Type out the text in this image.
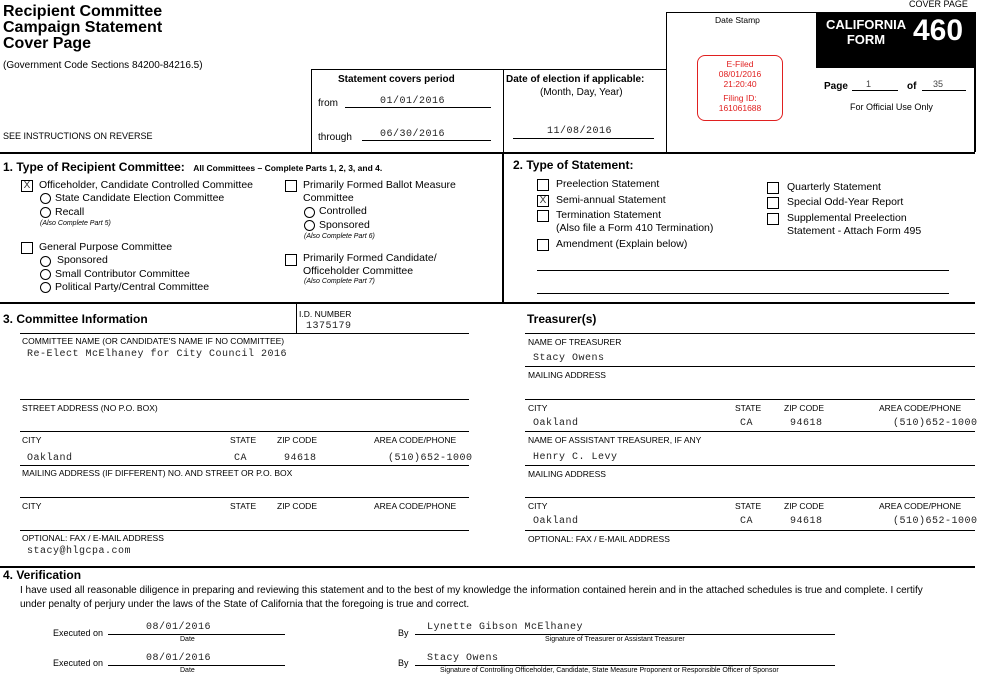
Recipient Committee
Campaign Statement
Cover Page
(Government Code Sections 84200-84216.5)
SEE INSTRUCTIONS ON REVERSE
COVER PAGE
Statement covers period
from	01/01/2016
through	06/30/2016
Date of election if applicable:
(Month, Day, Year)
11/08/2016
Date Stamp
E-Filed
08/01/2016
21:20:40
Filing ID:
161061688
CALIFORNIA
FORM 460
Page 1	of 35
For Official Use Only
1. Type of Recipient Committee: All Committees – Complete Parts 1, 2, 3, and 4.
X Officeholder, Candidate Controlled Committee
State Candidate Election Committee
Recall
(Also Complete Part 5)
General Purpose Committee
Sponsored
Small Contributor Committee
Political Party/Central Committee
Primarily Formed Ballot Measure
Committee
Controlled
Sponsored
(Also Complete Part 6)
Primarily Formed Candidate/
Officeholder Committee
(Also Complete Part 7)
2. Type of Statement:
Preelection Statement
X Semi-annual Statement
Termination Statement
(Also file a Form 410 Termination)
Amendment (Explain below)
Quarterly Statement
Special Odd-Year Report
Supplemental Preelection
Statement - Attach Form 495
3. Committee Information	I.D. NUMBER
1375179
COMMITTEE NAME (OR CANDIDATE'S NAME IF NO COMMITTEE)
Re-Elect McElhaney for City Council 2016
STREET ADDRESS (NO P.O. BOX)
CITY	STATE ZIP CODE	AREA CODE/PHONE
Oakland	CA	94618	(510)652-1000
MAILING ADDRESS (IF DIFFERENT) NO. AND STREET OR P.O. BOX
CITY	STATE ZIP CODE	AREA CODE/PHONE
OPTIONAL: FAX / E-MAIL ADDRESS
stacy@hlgcpa.com
Treasurer(s)
NAME OF TREASURER
Stacy Owens
MAILING ADDRESS
CITY	STATE	ZIP CODE	AREA CODE/PHONE
Oakland	CA	94618	(510)652-1000
NAME OF ASSISTANT TREASURER, IF ANY
Henry C. Levy
MAILING ADDRESS
CITY	STATE	ZIP CODE	AREA CODE/PHONE
Oakland	CA	94618	(510)652-1000
OPTIONAL: FAX / E-MAIL ADDRESS
4. Verification
I have used all reasonable diligence in preparing and reviewing this statement and to the best of my knowledge the information contained herein and in the attached schedules is true and complete. I certify
under penalty of perjury under the laws of the State of California that the foregoing is true and correct.
Executed on	08/01/2016
Date
By Lynette Gibson McElhaney
Signature of Treasurer or Assistant Treasurer
Executed on	08/01/2016
Date
By Stacy Owens
Signature of Controlling Officeholder, Candidate, State Measure Proponent or Responsible Officer of Sponsor
